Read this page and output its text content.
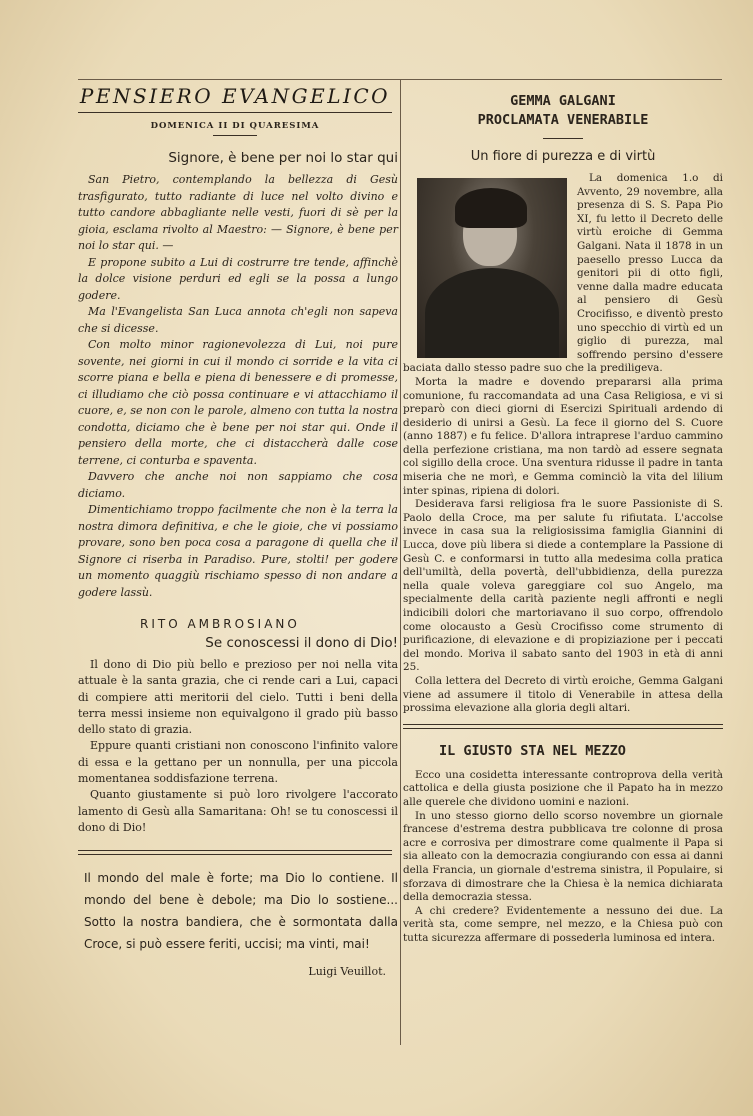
PENSIERO EVANGELICO
DOMENICA II DI QUARESIMA
Signore, è bene per noi lo star qui

San Pietro, contemplando la bellezza di Gesù trasfigurato, tutto radiante di luce nel volto divino e tutto candore abbagliante nelle vesti, fuori di sè per la gioia, esclama rivolto al Maestro: — Signore, è bene per noi lo star qui. —

E propone subito a Lui di costrurre tre tende, affinchè la dolce visione perduri ed egli se la possa a lungo godere.

Ma l'Evangelista San Luca annota ch'egli non sapeva che si dicesse.

Con molto minor ragionevolezza di Lui, noi pure sovente, nei giorni in cui il mondo ci sorride e la vita ci scorre piana e bella e piena di benessere e di promesse, ci illudiamo che ciò possa continuare e vi attacchiamo il cuore, e, se non con le parole, almeno con tutta la nostra condotta, diciamo che è bene per noi star qui. Onde il pensiero della morte, che ci distaccherà dalle cose terrene, ci conturba e spaventa.

Davvero che anche noi non sappiamo che cosa diciamo.

Dimentichiamo troppo facilmente che non è la terra la nostra dimora definitiva, e che le gioie, che vi possiamo provare, sono ben poca cosa a paragone di quella che il Signore ci riserba in Paradiso. Pure, stolti! per godere un momento quaggiù rischiamo spesso di non andare a godere lassù.

RITO AMBROSIANO
Se conoscessi il dono di Dio!

Il dono di Dio più bello e prezioso per noi nella vita attuale è la santa grazia, che ci rende cari a Lui, capaci di compiere atti meritorii del cielo. Tutti i beni della terra messi insieme non equivalgono il grado più basso dello stato di grazia.

Eppure quanti cristiani non conoscono l'infinito valore di essa e la gettano per un nonnulla, per una piccola momentanea soddisfazione terrena.

Quanto giustamente si può loro rivolgere l'accorato lamento di Gesù alla Samaritana: Oh! se tu conoscessi il dono di Dio!

Il mondo del male è forte; ma Dio lo contiene. Il mondo del bene è debole; ma Dio lo sostiene... Sotto la nostra bandiera, che è sormontata dalla Croce, si può essere feriti, uccisi; ma vinti, mai!

Luigi Veuillot.
GEMMA GALGANI
PROCLAMATA VENERABILE
Un fiore di purezza e di virtù

La domenica 1.o di Avvento, 29 novembre, alla presenza di S. S. Papa Pio XI, fu letto il Decreto delle virtù eroiche di Gemma Galgani. Nata il 1878 in un paesello presso Lucca da genitori pii di otto figli, venne dalla madre educata al pensiero di Gesù Crocifisso, e diventò presto uno specchio di virtù ed un giglio di purezza, mal soffrendo persino d'essere baciata dallo stesso padre suo che la prediligeva.

Morta la madre e dovendo prepararsi alla prima comunione, fu raccomandata ad una Casa Religiosa, e vi si preparò con dieci giorni di Esercizi Spirituali ardendo di desiderio di unirsi a Gesù. La fece il giorno del S. Cuore (anno 1887) e fu felice. D'allora intraprese l'arduo cammino della perfezione cristiana, ma non tardò ad essere segnata col sigillo della croce. Una sventura ridusse il padre in tanta miseria che ne morì, e Gemma cominciò la vita del lilium inter spinas, ripiena di dolori.

Desiderava farsi religiosa fra le suore Passioniste di S. Paolo della Croce, ma per salute fu rifiutata. L'accolse invece in casa sua la religiosissima famiglia Giannini di Lucca, dove più libera si diede a contemplare la Passione di Gesù C. e conformarsi in tutto alla medesima colla pratica dell'umiltà, della povertà, dell'ubbidienza, della purezza nella quale voleva gareggiare col suo Angelo, ma specialmente della carità paziente negli affronti e negli indicibili dolori che martoriavano il suo corpo, offrendolo come olocausto a Gesù Crocifisso come strumento di purificazione, di elevazione e di propiziazione per i peccati del mondo. Moriva il sabato santo del 1903 in età di anni 25.

Colla lettera del Decreto di virtù eroiche, Gemma Galgani viene ad assumere il titolo di Venerabile in attesa della prossima elevazione alla gloria degli altari.

IL GIUSTO STA NEL MEZZO

Ecco una cosidetta interessante controprova della verità cattolica e della giusta posizione che il Papato ha in mezzo alle querele che dividono uomini e nazioni.

In uno stesso giorno dello scorso novembre un giornale francese d'estrema destra pubblicava tre colonne di prosa acre e corrosiva per dimostrare come qualmente il Papa si sia alleato con la democrazia congiurando con essa ai danni della Francia, un giornale d'estrema sinistra, il Populaire, si sforzava di dimostrare che la Chiesa è la nemica dichiarata della democrazia stessa.

A chi credere? Evidentemente a nessuno dei due. La verità sta, come sempre, nel mezzo, e la Chiesa può con tutta sicurezza affermare di possederla luminosa ed intera.
